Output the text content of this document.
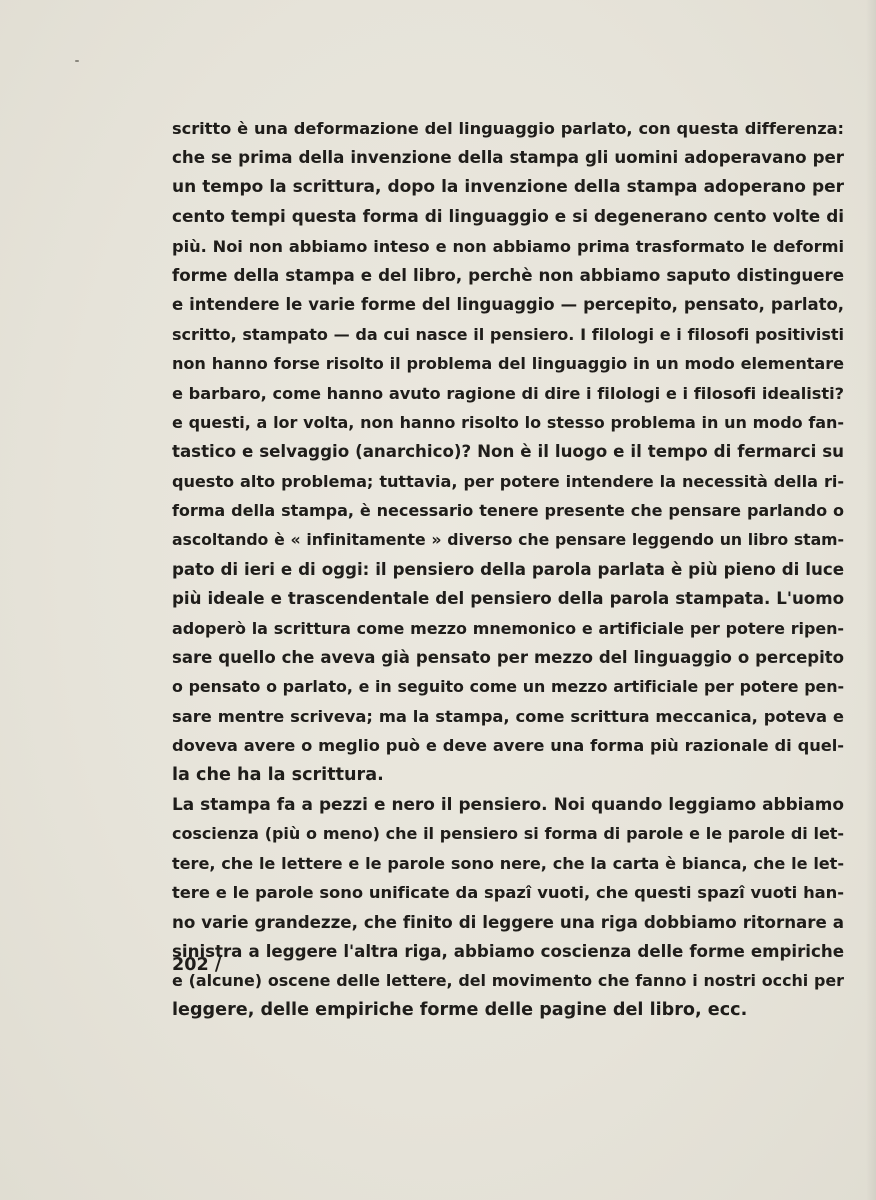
scritto è una deformazione del linguaggio parlato, con questa differenza:
che se prima della invenzione della stampa gli uomini adoperavano per
un tempo la scrittura, dopo la invenzione della stampa adoperano per
cento tempi questa forma di linguaggio e si degenerano cento volte di
più. Noi non abbiamo inteso e non abbiamo prima trasformato le deformi
forme della stampa e del libro, perchè non abbiamo saputo distinguere
e intendere le varie forme del linguaggio — percepito, pensato, parlato,
scritto, stampato — da cui nasce il pensiero. I filologi e i filosofi positivisti
non hanno forse risolto il problema del linguaggio in un modo elementare
e barbaro, come hanno avuto ragione di dire i filologi e i filosofi idealisti?
e questi, a lor volta, non hanno risolto lo stesso problema in un modo fan-
tastico e selvaggio (anarchico)? Non è il luogo e il tempo di fermarci su
questo alto problema; tuttavia, per potere intendere la necessità della ri-
forma della stampa, è necessario tenere presente che pensare parlando o
ascoltando è « infinitamente » diverso che pensare leggendo un libro stam-
pato di ieri e di oggi: il pensiero della parola parlata è più pieno di luce
più ideale e trascendentale del pensiero della parola stampata. L'uomo
adoperò la scrittura come mezzo mnemonico e artificiale per potere ripen-
sare quello che aveva già pensato per mezzo del linguaggio o percepito
o pensato o parlato, e in seguito come un mezzo artificiale per potere pen-
sare mentre scriveva; ma la stampa, come scrittura meccanica, poteva e
doveva avere o meglio può e deve avere una forma più razionale di quel-
la che ha la scrittura.
La stampa fa a pezzi e nero il pensiero. Noi quando leggiamo abbiamo
coscienza (più o meno) che il pensiero si forma di parole e le parole di let-
tere, che le lettere e le parole sono nere, che la carta è bianca, che le let-
tere e le parole sono unificate da spazî vuoti, che questi spazî vuoti han-
no varie grandezze, che finito di leggere una riga dobbiamo ritornare a
sinistra a leggere l'altra riga, abbiamo coscienza delle forme empiriche
e (alcune) oscene delle lettere, del movimento che fanno i nostri occhi per
leggere, delle empiriche forme delle pagine del libro, ecc.
202 /
